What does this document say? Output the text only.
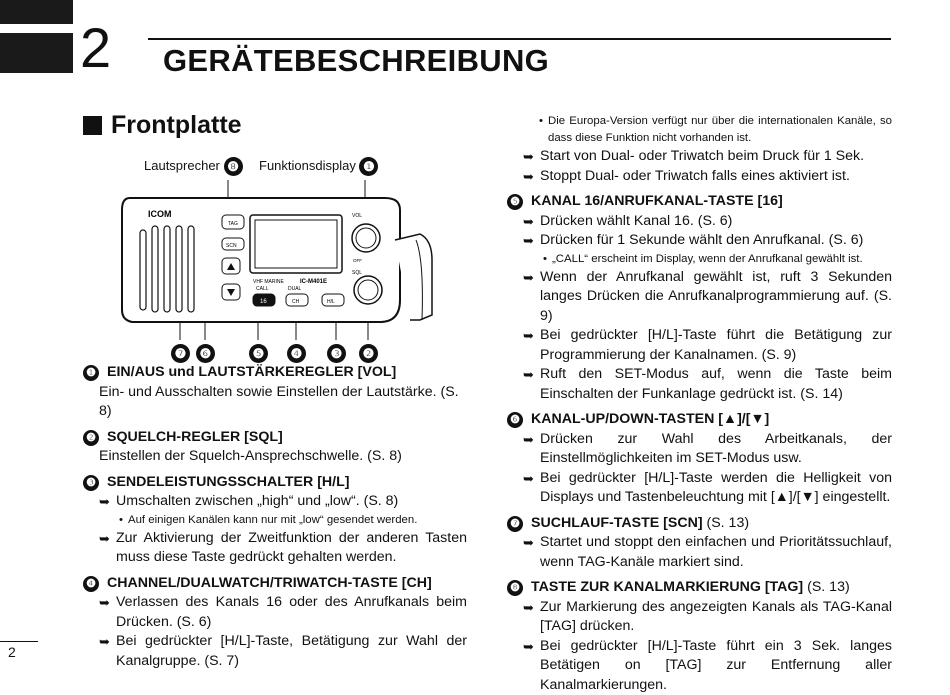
2 GERÄTEBESCHREIBUNG
Frontplatte
Lautsprecher ❽ Funktionsdisplay ❶
ICOM
VHF MARINE	IC-M401E
TAG
SCN
CALL
16
DUAL
CH	H/L
VOL
OFF
SQL
❼ ❻	❺ ❹ ❸ ❷
❶ EIN/AUS und LAUTSTÄRKEREGLER [VOL]
Ein- und Ausschalten sowie Einstellen der Lautstärke. (S. 8)
❷ SQUELCH-REGLER [SQL]
Einstellen der Squelch-Ansprechschwelle. (S. 8)
❸ SENDELEISTUNGSSCHALTER [H/L]
➥ Umschalten zwischen „high“ und „low“. (S. 8)
• Auf einigen Kanälen kann nur mit „low“ gesendet werden.
➥ Zur Aktivierung der Zweitfunktion der anderen Tasten muss diese Taste gedrückt gehalten werden.
❹ CHANNEL/DUALWATCH/TRIWATCH-TASTE [CH]
➥ Verlassen des Kanals 16 oder des Anrufkanals beim Drücken. (S. 6)
➥ Bei gedrückter [H/L]-Taste, Betätigung zur Wahl der Kanalgruppe. (S. 7)
• Die Europa-Version verfügt nur über die internationalen Kanäle, so dass diese Funktion nicht vorhanden ist.
➥ Start von Dual- oder Triwatch beim Druck für 1 Sek.
➥ Stoppt Dual- oder Triwatch falls eines aktiviert ist.
❺ KANAL 16/ANRUFKANAL-TASTE [16]
➥ Drücken wählt Kanal 16. (S. 6)
➥ Drücken für 1 Sekunde wählt den Anrufkanal. (S. 6)
• „CALL“ erscheint im Display, wenn der Anrufkanal gewählt ist.
➥ Wenn der Anrufkanal gewählt ist, ruft 3 Sekunden langes Drücken die Anrufkanalprogrammierung auf. (S. 9)
➥ Bei gedrückter [H/L]-Taste führt die Betätigung zur Programmierung der Kanalnamen. (S. 9)
➥ Ruft den SET-Modus auf, wenn die Taste beim Einschalten der Funkanlage gedrückt ist. (S. 14)
❻ KANAL-UP/DOWN-TASTEN [▲]/[▼]
➥ Drücken zur Wahl des Arbeitkanals, der Einstellmöglichkeiten im SET-Modus usw.
➥ Bei gedrückter [H/L]-Taste werden die Helligkeit von Displays und Tastenbeleuchtung mit [▲]/[▼] eingestellt.
❼ SUCHLAUF-TASTE [SCN] (S. 13)
➥ Startet und stoppt den einfachen und Prioritätssuchlauf, wenn TAG-Kanäle markiert sind.
❽ TASTE ZUR KANALMARKIERUNG [TAG] (S. 13)
➥ Zur Markierung des angezeigten Kanals als TAG-Kanal [TAG] drücken.
➥ Bei gedrückter [H/L]-Taste führt ein 3 Sek. langes Betätigen on [TAG] zur Entfernung aller Kanalmarkierungen.
2
